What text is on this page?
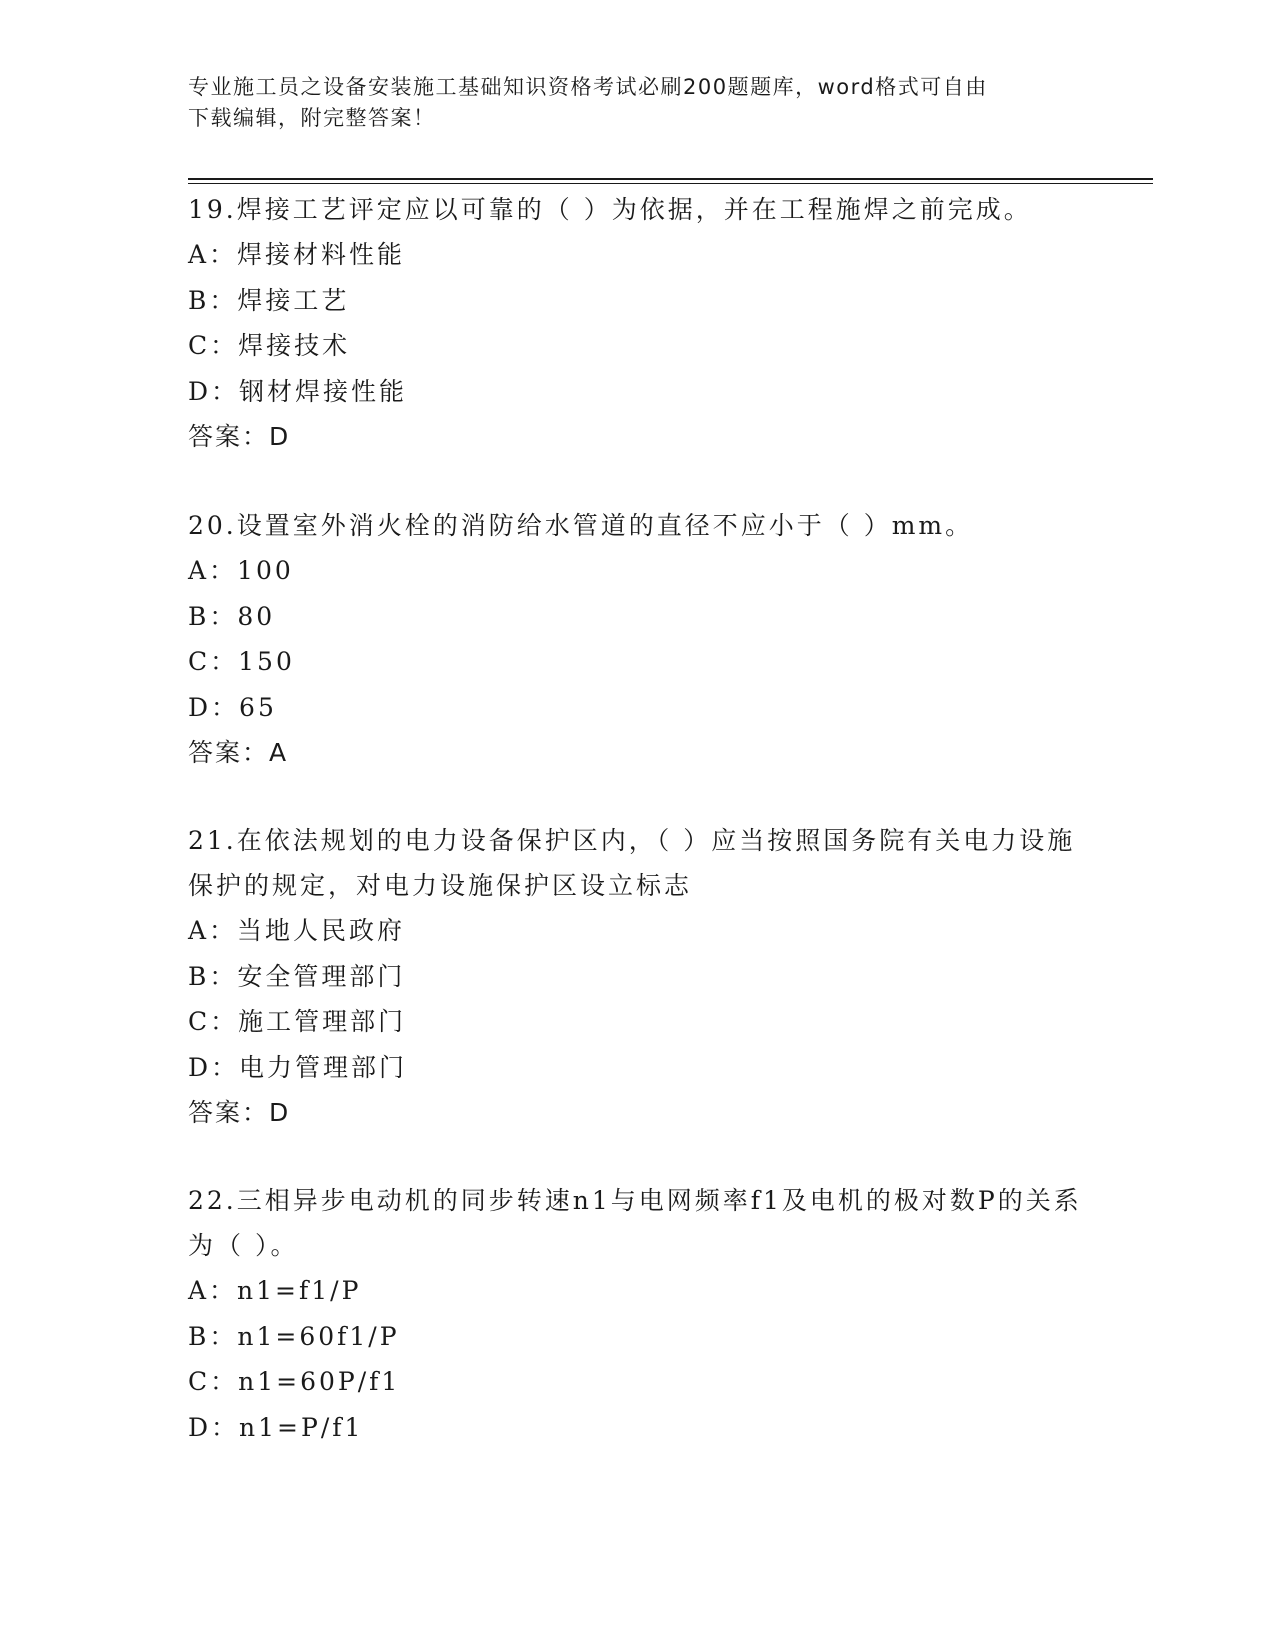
专业施工员之设备安装施工基础知识资格考试必刷200题题库，word格式可自由
下载编辑，附完整答案！
19.焊接工艺评定应以可靠的（ ）为依据，并在工程施焊之前完成。
A：焊接材料性能
B：焊接工艺
C：焊接技术
D：钢材焊接性能
答案：D
20.设置室外消火栓的消防给水管道的直径不应小于（ ）mm。
A：100
B：80
C：150
D：65
答案：A
21.在依法规划的电力设备保护区内，（ ）应当按照国务院有关电力设施保护的规定，对电力设施保护区设立标志
A：当地人民政府
B：安全管理部门
C：施工管理部门
D：电力管理部门
答案：D
22.三相异步电动机的同步转速n1与电网频率f1及电机的极对数P的关系为（ ）。
A：n1=f1/P
B：n1=60f1/P
C：n1=60P/f1
D：n1=P/f1
